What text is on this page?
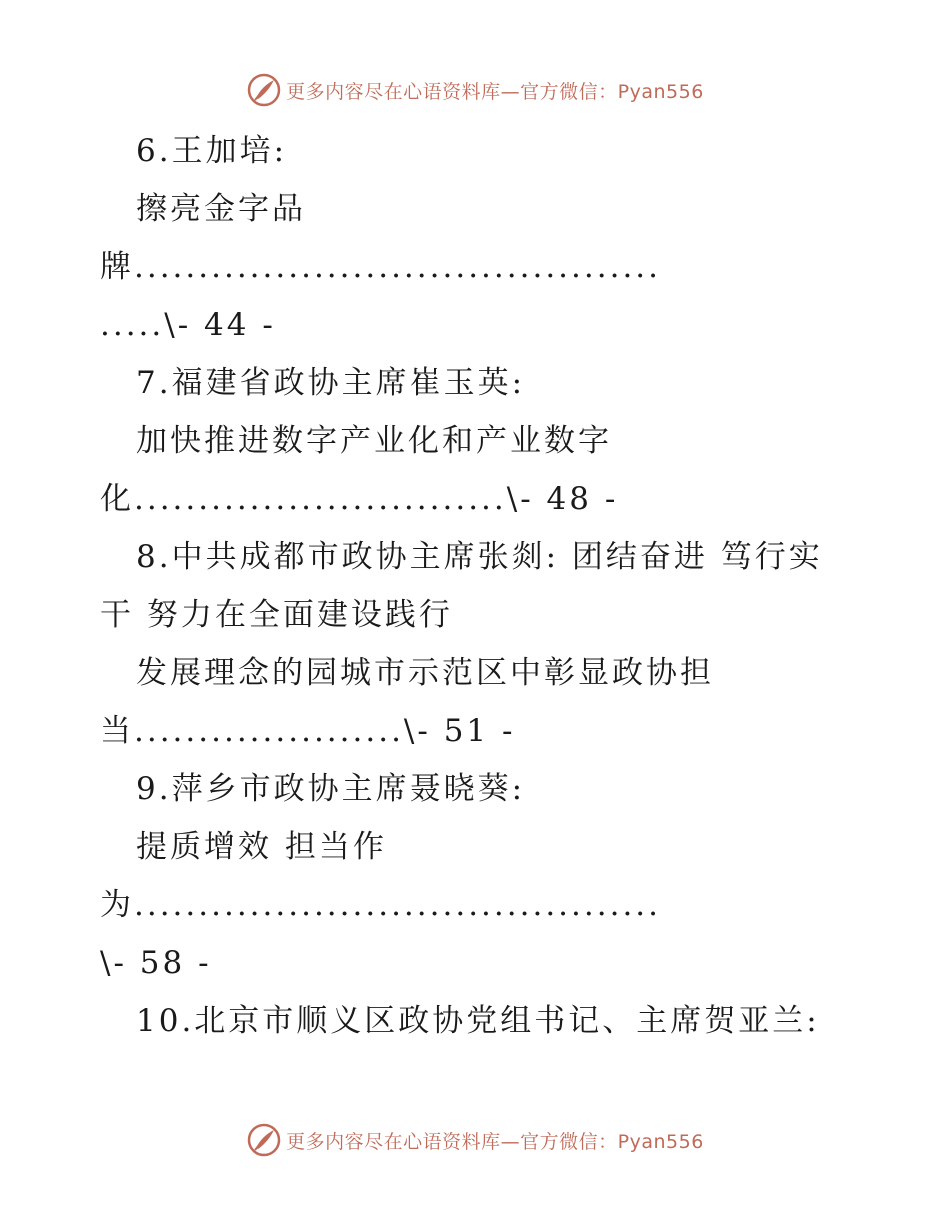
更多内容尽在心语资料库—官方微信：Pyan556
6.王加培:
擦亮金字品
牌.........................................
.....\- 44 -
7.福建省政协主席崔玉英:
加快推进数字产业化和产业数字
化.............................\- 48 -
8.中共成都市政协主席张剡: 团结奋进 笃行实
干 努力在全面建设践行
发展理念的园城市示范区中彰显政协担
当.....................\- 51 -
9.萍乡市政协主席聂晓葵:
提质增效 担当作
为.........................................
\- 58 -
10.北京市顺义区政协党组书记、主席贺亚兰:
更多内容尽在心语资料库—官方微信：Pyan556
